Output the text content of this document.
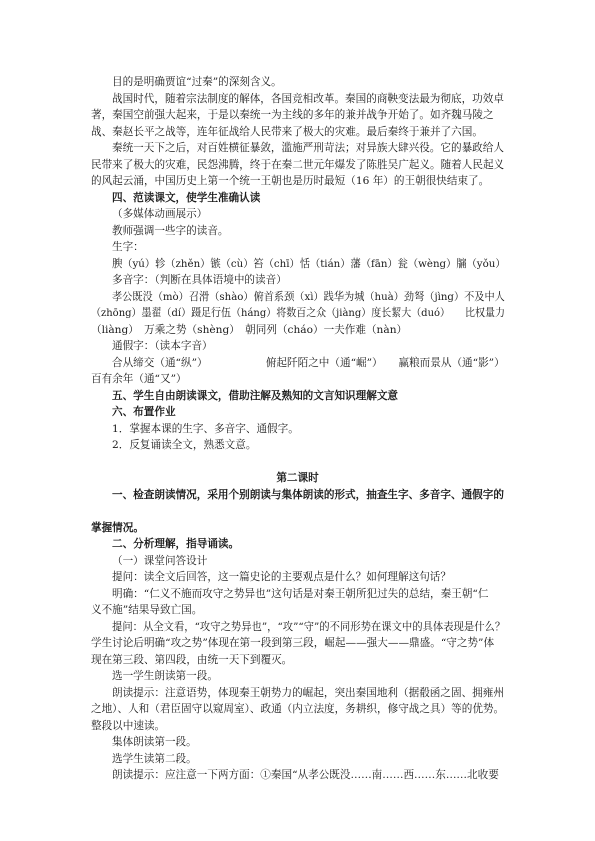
目的是明确贾谊“过秦”的深刻含义。

战国时代，随着宗法制度的解体，各国竞相改革。秦国的商鞅变法最为彻底，功效卓

著，秦国空前强大起来，于是以秦统一为主线的多年的兼并战争开始了。如齐魏马陵之

战、秦赵长平之战等，连年征战给人民带来了极大的灾难。最后秦终于兼并了六国。

秦统一天下之后，对百姓横征暴敛，滥施严刑苛法；对异族大肆兴役。它的暴政给人

民带来了极大的灾难，民怨沸腾，终于在秦二世元年爆发了陈胜吴广起义。随着人民起义

的风起云涌，中国历史上第一个统一王朝也是历时最短（16 年）的王朝很快结束了。

四、范读课文，使学生准确认读

（多媒体动画展示）

教师强调一些字的读音。

生字：

腴（yú）轸（zhěn）镞（cù）笞（chī）恬（tián）藩（fān）瓮（wèng）牖（yǒu）

多音字：（判断在具体语境中的读音）

孝公既没（mò）召滑（shào）俯首系颈（xì）践华为城（huà）劲弩（jìng）不及中人

（zhōng）墨翟（dí）蹑足行伍（háng）将数百之众（jiàng）度长絜大（duó）　　比权量力

（liàng）　万乘之势（shèng）　朝同列（cháo）一夫作难（nàn）

通假字：（读本字音）

合从缔交（通“纵”）　　　　　　俯起阡陌之中（通“崛”）　　赢粮而景从（通“影”）

百有余年（通“又”）

五、学生自由朗读课文，借助注解及熟知的文言知识理解文意

六、布置作业

1．掌握本课的生字、多音字、通假字。

2．反复诵读全文，熟悉文意。

第二课时

一、检查朗读情况，采用个别朗读与集体朗读的形式，抽查生字、多音字、通假字的

掌握情况。

二、分析理解，指导诵读。

（一）课堂问答设计

提问：读全文后回答，这一篇史论的主要观点是什么？如何理解这句话？

明确：“仁义不施而攻守之势异也”这句话是对秦王朝所犯过失的总结，秦王朝“仁

义不施”结果导致亡国。

提问：从全文看，“攻守之势异也”，“攻”“守”的不同形势在课文中的具体表现是什么？

学生讨论后明确“攻之势”体现在第一段到第三段，崛起——强大——鼎盛。“守之势”体

现在第三段、第四段，由统一天下到覆灭。

选一学生朗读第一段。

朗读提示：注意语势，体现秦王朝势力的崛起，突出秦国地利（据殽函之固、拥雍州

之地）、人和（君臣固守以窥周室）、政通（内立法度，务耕织，修守战之具）等的优势。

整段以中速读。

集体朗读第一段。

选学生读第二段。

朗读提示：应注意一下两方面：①秦国“从孝公既没……南……西……东……北收要
